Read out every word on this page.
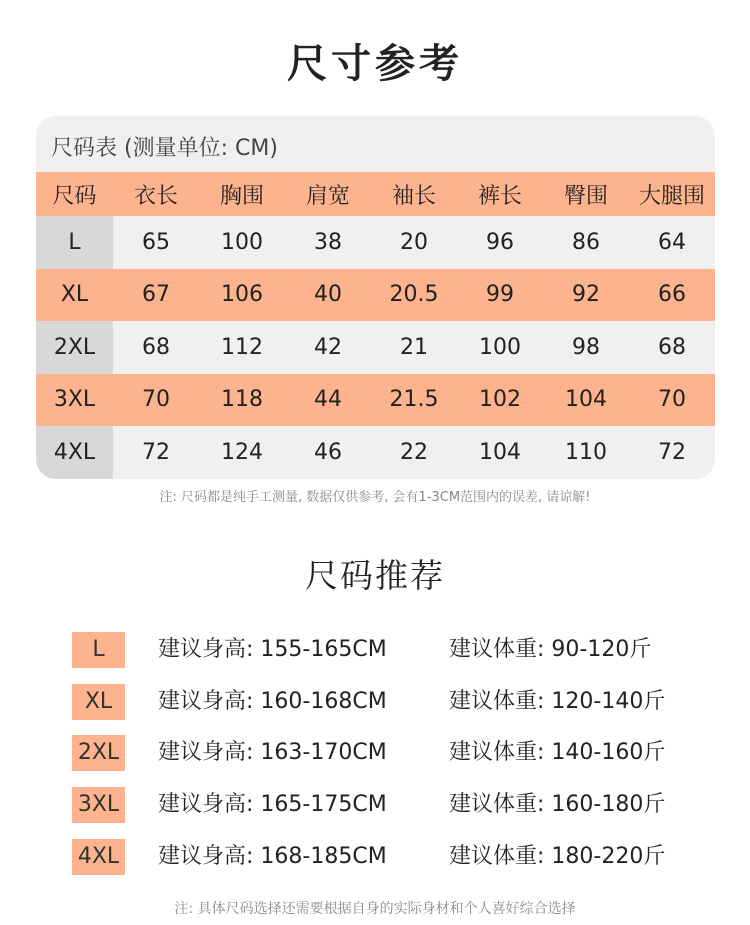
尺寸参考
尺码表 (测量单位: CM)
尺码	衣长	胸围	肩宽	袖长	裤长	臀围	大腿围
L	65	100	38	20	96	86	64
XL	67	106	40	20.5	99	92	66
2XL	68	112	42	21	100	98	68
3XL	70	118	44	21.5	102	104	70
4XL	72	124	46	22	104	110	72
注: 尺码都是纯手工测量, 数据仅供参考, 会有1-3CM范围内的误差, 请谅解!
尺码推荐
L	建议身高: 155-165CM	建议体重: 90-120斤
XL	建议身高: 160-168CM	建议体重: 120-140斤
2XL 建议身高: 163-170CM	建议体重: 140-160斤
3XL 建议身高: 165-175CM	建议体重: 160-180斤
4XL 建议身高: 168-185CM	建议体重: 180-220斤
注: 具体尺码选择还需要根据自身的实际身材和个人喜好综合选择
